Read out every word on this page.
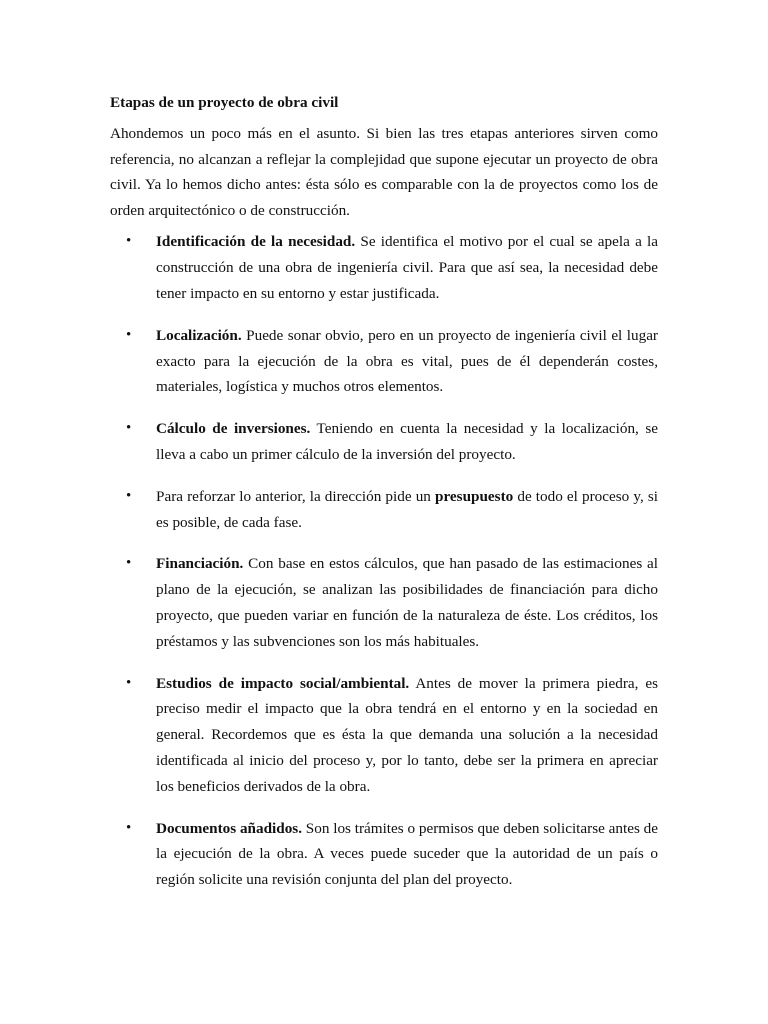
Etapas de un proyecto de obra civil

Ahondemos un poco más en el asunto. Si bien las tres etapas anteriores sirven como referencia, no alcanzan a reflejar la complejidad que supone ejecutar un proyecto de obra civil. Ya lo hemos dicho antes: ésta sólo es comparable con la de proyectos como los de orden arquitectónico o de construcción.

• Identificación de la necesidad. Se identifica el motivo por el cual se apela a la construcción de una obra de ingeniería civil. Para que así sea, la necesidad debe tener impacto en su entorno y estar justificada.
• Localización. Puede sonar obvio, pero en un proyecto de ingeniería civil el lugar exacto para la ejecución de la obra es vital, pues de él dependerán costes, materiales, logística y muchos otros elementos.
• Cálculo de inversiones. Teniendo en cuenta la necesidad y la localización, se lleva a cabo un primer cálculo de la inversión del proyecto.
• Para reforzar lo anterior, la dirección pide un presupuesto de todo el proceso y, si es posible, de cada fase.
• Financiación. Con base en estos cálculos, que han pasado de las estimaciones al plano de la ejecución, se analizan las posibilidades de financiación para dicho proyecto, que pueden variar en función de la naturaleza de éste. Los créditos, los préstamos y las subvenciones son los más habituales.
• Estudios de impacto social/ambiental. Antes de mover la primera piedra, es preciso medir el impacto que la obra tendrá en el entorno y en la sociedad en general. Recordemos que es ésta la que demanda una solución a la necesidad identificada al inicio del proceso y, por lo tanto, debe ser la primera en apreciar los beneficios derivados de la obra.
• Documentos añadidos. Son los trámites o permisos que deben solicitarse antes de la ejecución de la obra. A veces puede suceder que la autoridad de un país o región solicite una revisión conjunta del plan del proyecto.
